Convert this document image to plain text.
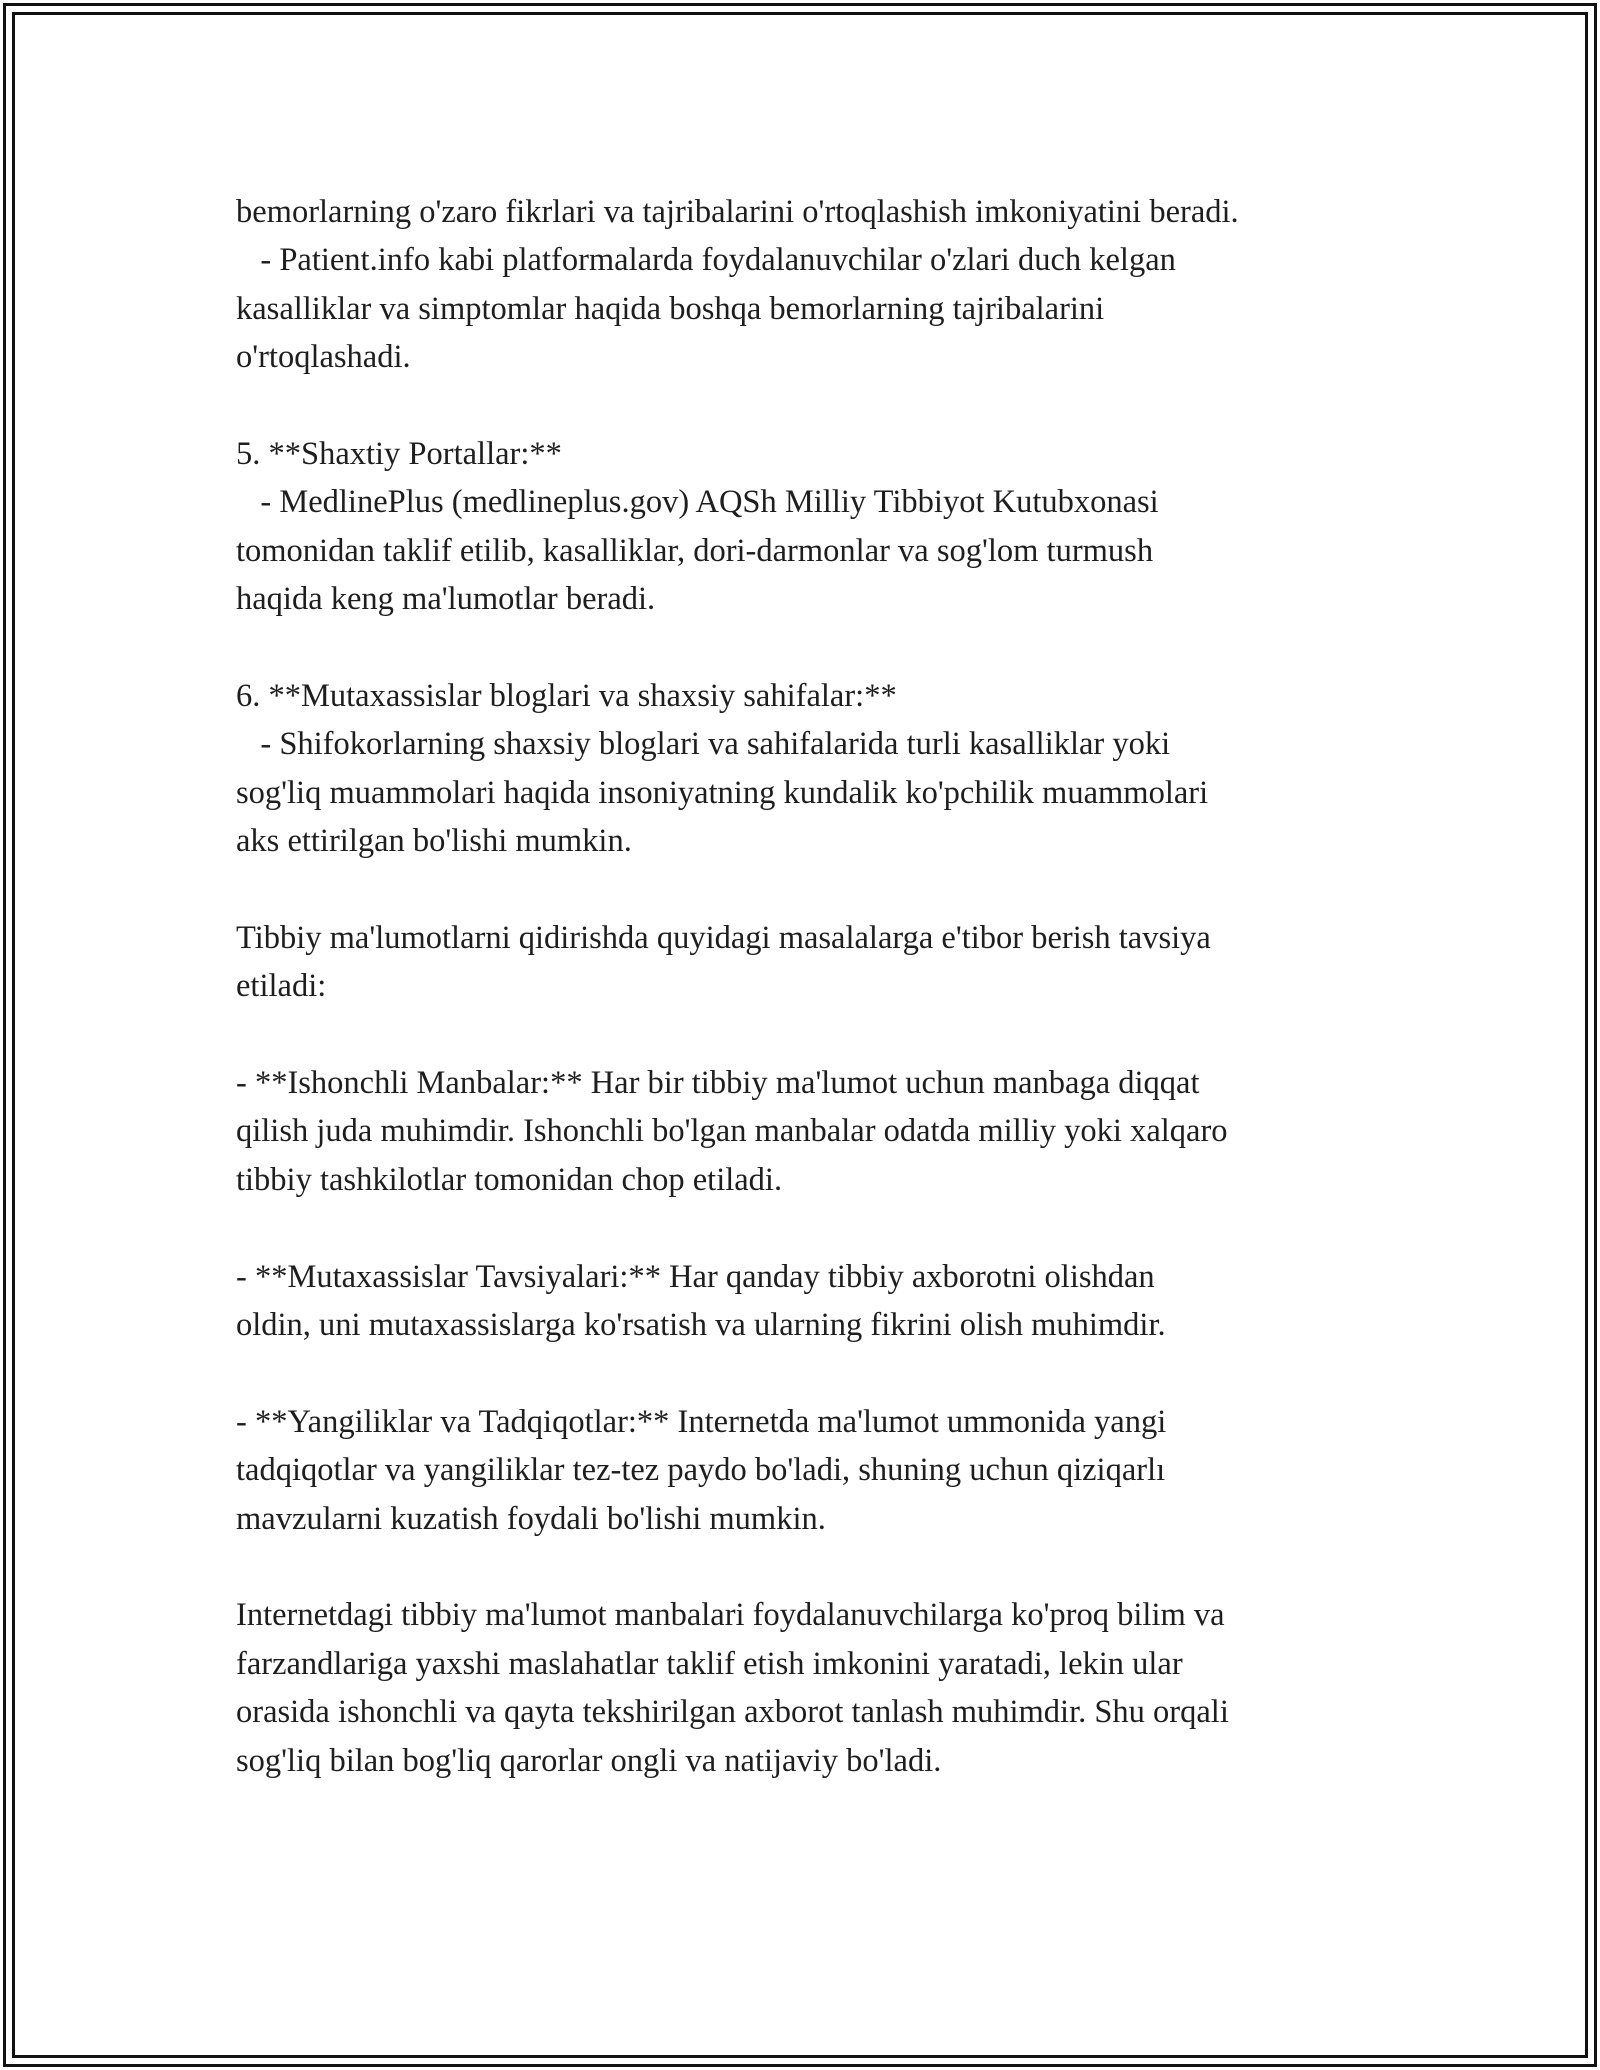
bemorlarning o'zaro fikrlari va tajribalarini o'rtoqlashish imkoniyatini beradi.
- Patient.info kabi platformalarda foydalanuvchilar o'zlari duch kelgan
kasalliklar va simptomlar haqida boshqa bemorlarning tajribalarini
o'rtoqlashadi.
5. **Shaxtiy Portallar:**
- MedlinePlus (medlineplus.gov) AQSh Milliy Tibbiyot Kutubxonasi
tomonidan taklif etilib, kasalliklar, dori-darmonlar va sog'lom turmush
haqida keng ma'lumotlar beradi.
6. **Mutaxassislar bloglari va shaxsiy sahifalar:**
- Shifokorlarning shaxsiy bloglari va sahifalarida turli kasalliklar yoki
sog'liq muammolari haqida insoniyatning kundalik ko'pchilik muammolari
aks ettirilgan bo'lishi mumkin.
Tibbiy ma'lumotlarni qidirishda quyidagi masalalarga e'tibor berish tavsiya
etiladi:
- **Ishonchli Manbalar:** Har bir tibbiy ma'lumot uchun manbaga diqqat
qilish juda muhimdir. Ishonchli bo'lgan manbalar odatda milliy yoki xalqaro
tibbiy tashkilotlar tomonidan chop etiladi.
- **Mutaxassislar Tavsiyalari:** Har qanday tibbiy axborotni olishdan
oldin, uni mutaxassislarga ko'rsatish va ularning fikrini olish muhimdir.
- **Yangiliklar va Tadqiqotlar:** Internetda ma'lumot ummonida yangi
tadqiqotlar va yangiliklar tez-tez paydo bo'ladi, shuning uchun qiziqarlı
mavzularni kuzatish foydali bo'lishi mumkin.
Internetdagi tibbiy ma'lumot manbalari foydalanuvchilarga ko'proq bilim va
farzandlariga yaxshi maslahatlar taklif etish imkonini yaratadi, lekin ular
orasida ishonchli va qayta tekshirilgan axborot tanlash muhimdir. Shu orqali
sog'liq bilan bog'liq qarorlar ongli va natijaviy bo'ladi.
